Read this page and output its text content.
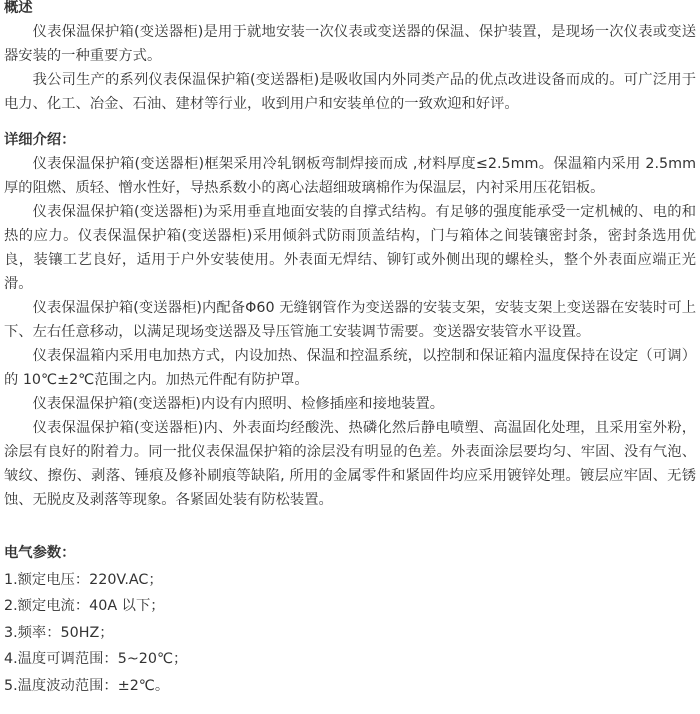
概述

仪表保温保护箱(变送器柜)是用于就地安装一次仪表或变送器的保温、保护装置，是现场一次仪表或变送器安装的一种重要方式。

我公司生产的系列仪表保温保护箱(变送器柜)是吸收国内外同类产品的优点改进设备而成的。可广泛用于电力、化工、冶金、石油、建材等行业，收到用户和安装单位的一致欢迎和好评。

详细介绍：

仪表保温保护箱(变送器柜)框架采用冷轧钢板弯制焊接而成 ,材料厚度≤2.5mm。保温箱内采用 2.5mm厚的阻燃、质轻、憎水性好，导热系数小的离心法超细玻璃棉作为保温层，内衬采用压花铝板。

仪表保温保护箱(变送器柜)为采用垂直地面安装的自撑式结构。有足够的强度能承受一定机械的、电的和热的应力。仪表保温保护箱(变送器柜)采用倾斜式防雨顶盖结构，门与箱体之间装镶密封条，密封条选用优良，装镶工艺良好，适用于户外安装使用。外表面无焊结、铆钉或外侧出现的螺栓头，整个外表面应端正光滑。

仪表保温保护箱(变送器柜)内配备Φ60 无缝钢管作为变送器的安装支架，安装支架上变送器在安装时可上下、左右任意移动，以满足现场变送器及导压管施工安装调节需要。变送器安装管水平设置。

仪表保温箱内采用电加热方式，内设加热、保温和控温系统，以控制和保证箱内温度保持在设定（可调）的 10℃±2℃范围之内。加热元件配有防护罩。

仪表保温保护箱(变送器柜)内设有内照明、检修插座和接地装置。

仪表保温保护箱(变送器柜)内、外表面均经酸洗、热磷化然后静电喷塑、高温固化处理，且采用室外粉，涂层有良好的附着力。同一批仪表保温保护箱的涂层没有明显的色差。外表面涂层要均匀、牢固、没有气泡、皱纹、擦伤、剥落、锤痕及修补刷痕等缺陷, 所用的金属零件和紧固件均应采用镀锌处理。镀层应牢固、无锈蚀、无脱皮及剥落等现象。各紧固处装有防松装置。

电气参数：

1.额定电压：220V.AC；

2.额定电流：40A 以下；

3.频率：50HZ；

4.温度可调范围：5~20℃；

5.温度波动范围：±2℃。
